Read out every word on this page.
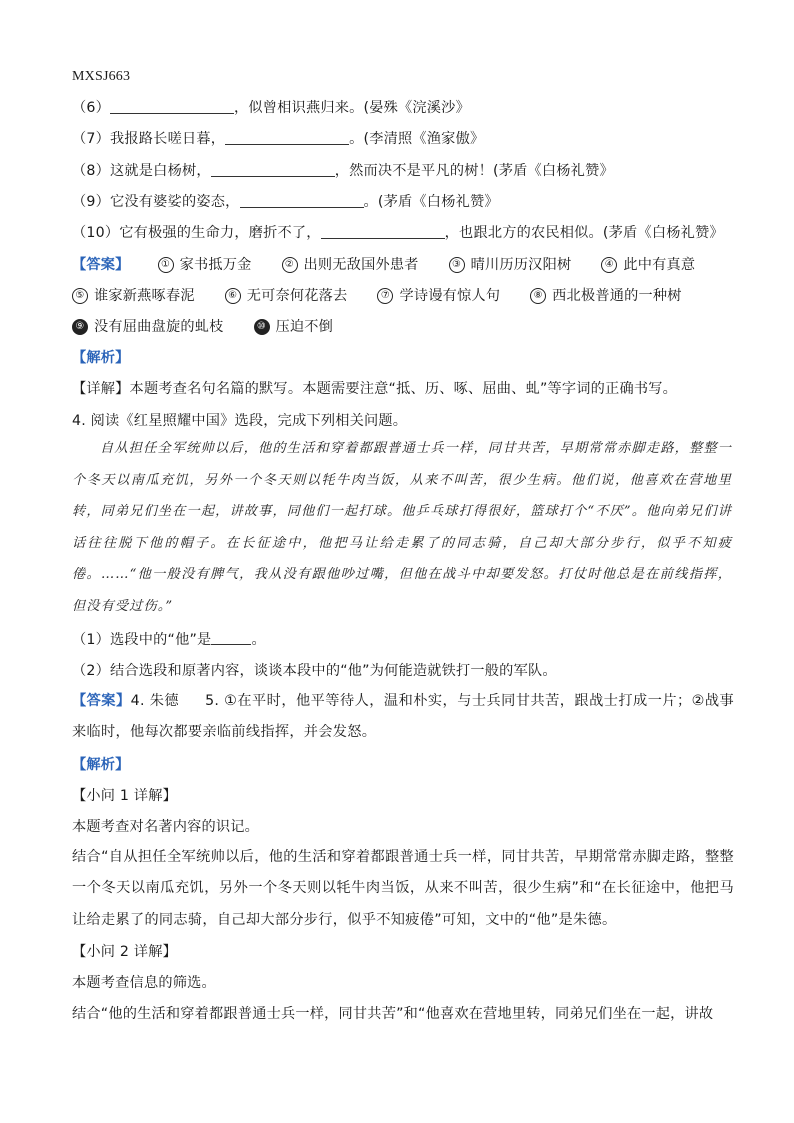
MXSJ663
（6）	，似曾相识燕归来。(晏殊《浣溪沙》
（7）我报路长嗟日暮，	。(李清照《渔家傲》
（8）这就是白杨树，	，然而决不是平凡的树！(茅盾《白杨礼赞》
（9）它没有婆娑的姿态，	。(茅盾《白杨礼赞》
（10）它有极强的生命力，磨折不了，	，也跟北方的农民相似。(茅盾《白杨礼赞》
【答案】	① 家书抵万金	② 出则无敌国外患者	③ 晴川历历汉阳树	④ 此中有真意
⑤ 谁家新燕啄春泥	⑥ 无可奈何花落去	⑦ 学诗谩有惊人句	⑧ 西北极普通的一种树
⑨ 没有屈曲盘旋的虬枝	⑩ 压迫不倒
【解析】
【详解】本题考查名句名篇的默写。本题需要注意“抵、历、啄、屈曲、虬”等字词的正确书写。
4. 阅读《红星照耀中国》选段，完成下列相关问题。

自从担任全军统帅以后，他的生活和穿着都跟普通士兵一样，同甘共苦，早期常常赤脚走路，整整一个冬天以南瓜充饥，另外一个冬天则以牦牛肉当饭，从来不叫苦，很少生病。他们说，他喜欢在营地里转，同弟兄们坐在一起，讲故事，同他们一起打球。他乒乓球打得很好，篮球打个“不厌”。他向弟兄们讲话往往脱下他的帽子。在长征途中，他把马让给走累了的同志骑，自己却大部分步行，似乎不知疲倦。……“他一般没有脾气，我从没有跟他吵过嘴，但他在战斗中却要发怒。打仗时他总是在前线指挥，但没有受过伤。”

（1）选段中的“他”是	。
（2）结合选段和原著内容，谈谈本段中的“他”为何能造就铁打一般的军队。

【答案】4. 朱德 5. ①在平时，他平等待人，温和朴实，与士兵同甘共苦，跟战士打成一片；②战事来临时，他每次都要亲临前线指挥，并会发怒。

【解析】
【小问 1 详解】
本题考查对名著内容的识记。
结合“自从担任全军统帅以后，他的生活和穿着都跟普通士兵一样，同甘共苦，早期常常赤脚走路，整整一个冬天以南瓜充饥，另外一个冬天则以牦牛肉当饭，从来不叫苦，很少生病”和“在长征途中，他把马让给走累了的同志骑，自己却大部分步行，似乎不知疲倦”可知，文中的“他”是朱德。
【小问 2 详解】
本题考查信息的筛选。
结合“他的生活和穿着都跟普通士兵一样，同甘共苦”和“他喜欢在营地里转，同弟兄们坐在一起，讲故
